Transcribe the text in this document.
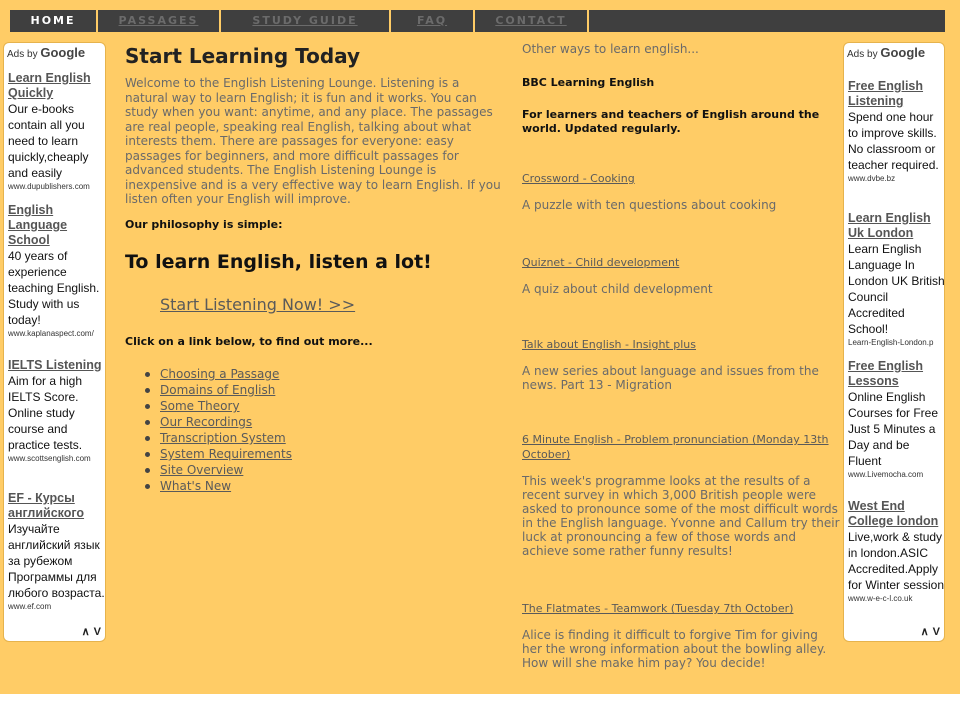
HOME	PASSAGES	STUDY GUIDE	FAQ	CONTACT
Ads by Google
Learn English Quickly
Our e-books contain all you need to learn quickly,cheaply and easily
www.dupublishers.com
English Language School
40 years of experience teaching English. Study with us today!
www.kaplanaspect.com/
IELTS Listening
Aim for a high IELTS Score. Online study course and practice tests.
www.scottsenglish.com
EF - Курсы английского
Изучайте английский язык за рубежом Программы для любого возраста.
www.ef.com
∧ V
Start Learning Today

Welcome to the English Listening Lounge. Listening is a natural way to learn English; it is fun and it works. You can study when you want: anytime, and any place. The passages are real people, speaking real English, talking about what interests them. There are passages for everyone: easy passages for beginners, and more difficult passages for advanced students. The English Listening Lounge is inexpensive and is a very effective way to learn English. If you listen often your English will improve.

Our philosophy is simple:
To learn English, listen a lot!
Start Listening Now! >>
Click on a link below, to find out more...
Choosing a Passage
Domains of English
Some Theory
Our Recordings
Transcription System
System Requirements
Site Overview
What's New
Other ways to learn english...
BBC Learning English
For learners and teachers of English around the world. Updated regularly.
Crossword - Cooking
A puzzle with ten questions about cooking
Quiznet - Child development
A quiz about child development
Talk about English - Insight plus
A new series about language and issues from the news. Part 13 - Migration
6 Minute English - Problem pronunciation (Monday 13th October)
This week's programme looks at the results of a recent survey in which 3,000 British people were asked to pronounce some of the most difficult words in the English language. Yvonne and Callum try their luck at pronouncing a few of those words and achieve some rather funny results!
The Flatmates - Teamwork (Tuesday 7th October)
Alice is finding it difficult to forgive Tim for giving her the wrong information about the bowling alley. How will she make him pay? You decide!
Ads by Google
Free English Listening
Spend one hour to improve skills. No classroom or teacher required.
www.dvbe.bz
Learn English Uk London
Learn English Language In London UK British Council Accredited School!
Learn-English-London.p
Free English Lessons
Online English Courses for Free Just 5 Minutes a Day and be Fluent
www.Livemocha.com
West End College london
Live,work & study in london.ASIC Accredited.Apply for Winter session
www.w-e-c-l.co.uk
∧ V
